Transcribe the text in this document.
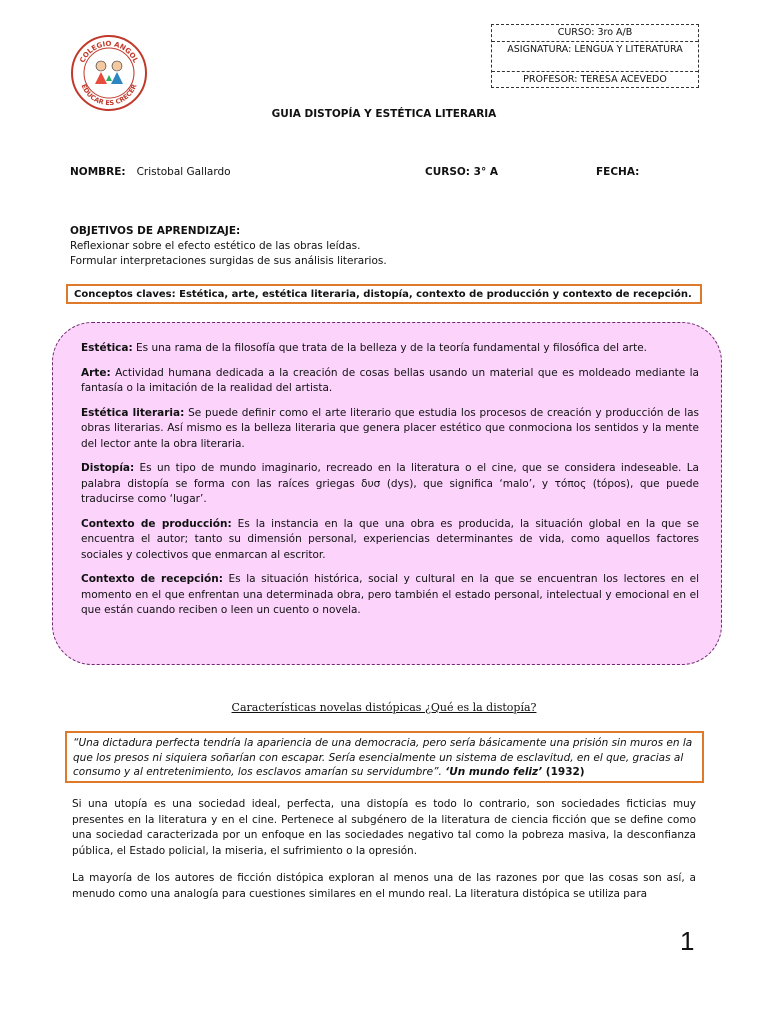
COLEGIO ANGOL
EDUCAR ES CRECER
CURSO: 3ro A/B
ASIGNATURA: LENGUA Y LITERATURA
PROFESOR: TERESA ACEVEDO
GUIA DISTOPÍA Y ESTÉTICA LITERARIA
NOMBRE: Cristobal Gallardo	CURSO: 3° A	FECHA:
OBJETIVOS DE APRENDIZAJE:
Reflexionar sobre el efecto estético de las obras leídas.
Formular interpretaciones surgidas de sus análisis literarios.
Conceptos claves: Estética, arte, estética literaria, distopía, contexto de producción y contexto de recepción.

Estética: Es una rama de la filosofía que trata de la belleza y de la teoría fundamental y filosófica del arte.

Arte: Actividad humana dedicada a la creación de cosas bellas usando un material que es moldeado mediante la fantasía o la imitación de la realidad del artista.

Estética literaria: Se puede definir como el arte literario que estudia los procesos de creación y producción de las obras literarias. Así mismo es la belleza literaria que genera placer estético que conmociona los sentidos y la mente del lector ante la obra literaria.

Distopía: Es un tipo de mundo imaginario, recreado en la literatura o el cine, que se considera indeseable. La palabra distopía se forma con las raíces griegas δυσ (dys), que significa ‘malo’, y τόπος (tópos), que puede traducirse como ‘lugar’.

Contexto de producción: Es la instancia en la que una obra es producida, la situación global en la que se encuentra el autor; tanto su dimensión personal, experiencias determinantes de vida, como aquellos factores sociales y colectivos que enmarcan al escritor.

Contexto de recepción: Es la situación histórica, social y cultural en la que se encuentran los lectores en el momento en el que enfrentan una determinada obra, pero también el estado personal, intelectual y emocional en el que están cuando reciben o leen un cuento o novela.

Características novelas distópicas ¿Qué es la distopía?
“Una dictadura perfecta tendría la apariencia de una democracia, pero sería básicamente una prisión sin muros en la que los presos ni siquiera soñarían con escapar. Sería esencialmente un sistema de esclavitud, en el que, gracias al consumo y al entretenimiento, los esclavos amarían su servidumbre”. ‘Un mundo feliz’ (1932)
Si una utopía es una sociedad ideal, perfecta, una distopía es todo lo contrario, son sociedades ficticias muy presentes en la literatura y en el cine. Pertenece al subgénero de la literatura de ciencia ficción que se define como una sociedad caracterizada por un enfoque en las sociedades negativo tal como la pobreza masiva, la desconfianza pública, el Estado policial, la miseria, el sufrimiento o la opresión.
La mayoría de los autores de ficción distópica exploran al menos una de las razones por que las cosas son así, a menudo como una analogía para cuestiones similares en el mundo real. La literatura distópica se utiliza para
1
